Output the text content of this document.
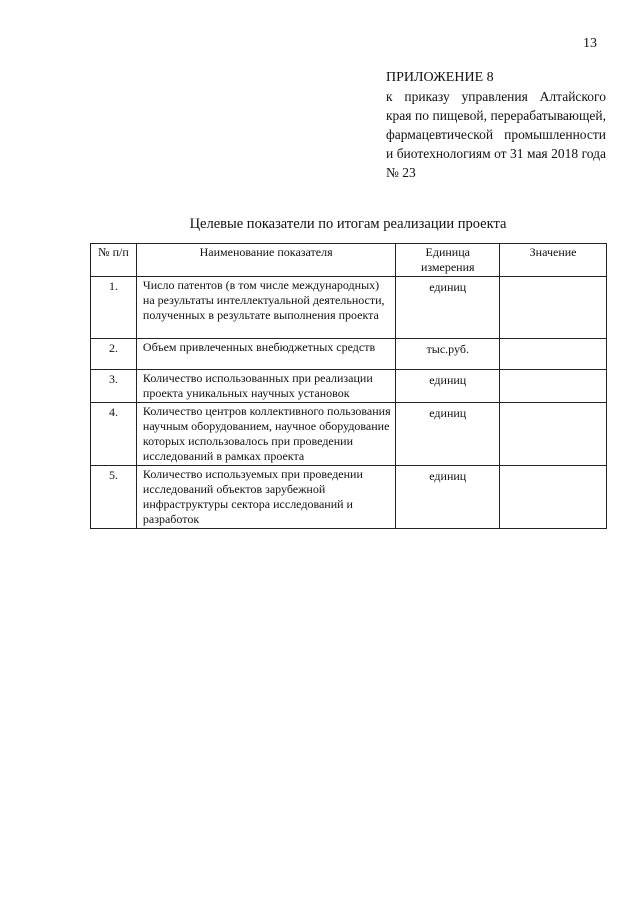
13

ПРИЛОЖЕНИЕ 8

к приказу управления Алтайского края по пищевой, перерабатывающей, фармацевтической промышленности и биотехнологиям от 31 мая 2018 года № 23

Целевые показатели по итогам реализации проекта
№ п/п	Наименование показателя	Единица измерения	Значение
1.	Число патентов (в том числе международных) на результаты интеллектуальной деятельности, полученных в результате выполнения проекта	единиц	
2.	Объем привлеченных внебюджетных средств	тыс.руб.	
3.	Количество использованных при реализации проекта уникальных научных установок	единиц	
4.	Количество центров коллективного пользования научным оборудованием, научное оборудование которых использовалось при проведении исследований в рамках проекта	единиц	
5.	Количество используемых при проведении исследований объектов зарубежной инфраструктуры сектора исследований и разработок	единиц	
